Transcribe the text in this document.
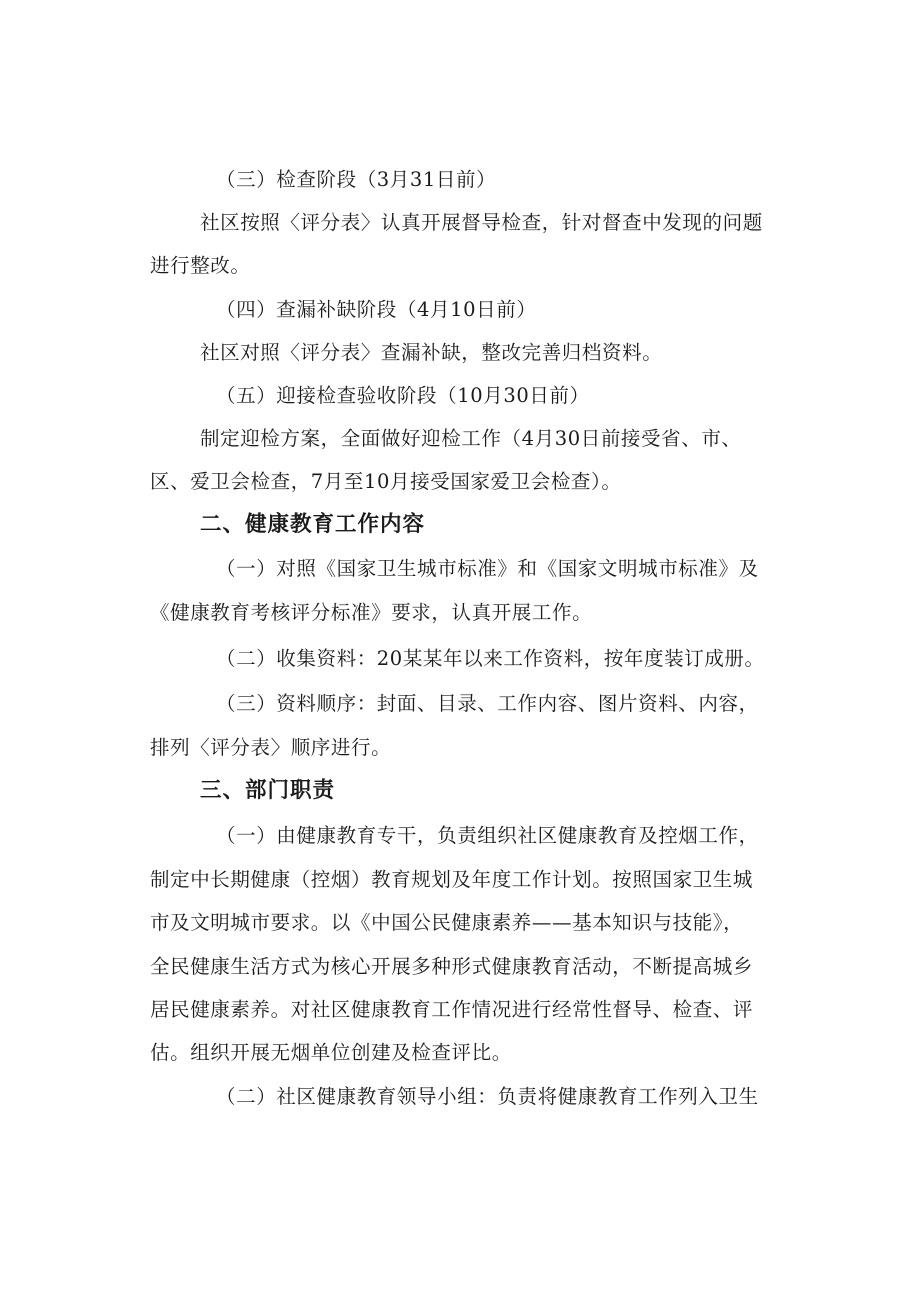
（三）检查阶段（3月31日前）
社区按照〈评分表〉认真开展督导检查，针对督查中发现的问题
进行整改。
（四）查漏补缺阶段（4月10日前）
社区对照〈评分表〉查漏补缺，整改完善归档资料。
（五）迎接检查验收阶段（10月30日前）
制定迎检方案，全面做好迎检工作（4月30日前接受省、市、
区、爱卫会检查，7月至10月接受国家爱卫会检查）。
二、健康教育工作内容
（一）对照《国家卫生城市标准》和《国家文明城市标准》及
《健康教育考核评分标准》要求，认真开展工作。
（二）收集资料：20某某年以来工作资料，按年度装订成册。
（三）资料顺序：封面、目录、工作内容、图片资料、内容，
排列〈评分表〉顺序进行。
三、部门职责
（一）由健康教育专干，负责组织社区健康教育及控烟工作，
制定中长期健康（控烟）教育规划及年度工作计划。按照国家卫生城
市及文明城市要求。以《中国公民健康素养——基本知识与技能》，
全民健康生活方式为核心开展多种形式健康教育活动，不断提高城乡
居民健康素养。对社区健康教育工作情况进行经常性督导、检查、评
估。组织开展无烟单位创建及检查评比。
（二）社区健康教育领导小组：负责将健康教育工作列入卫生
